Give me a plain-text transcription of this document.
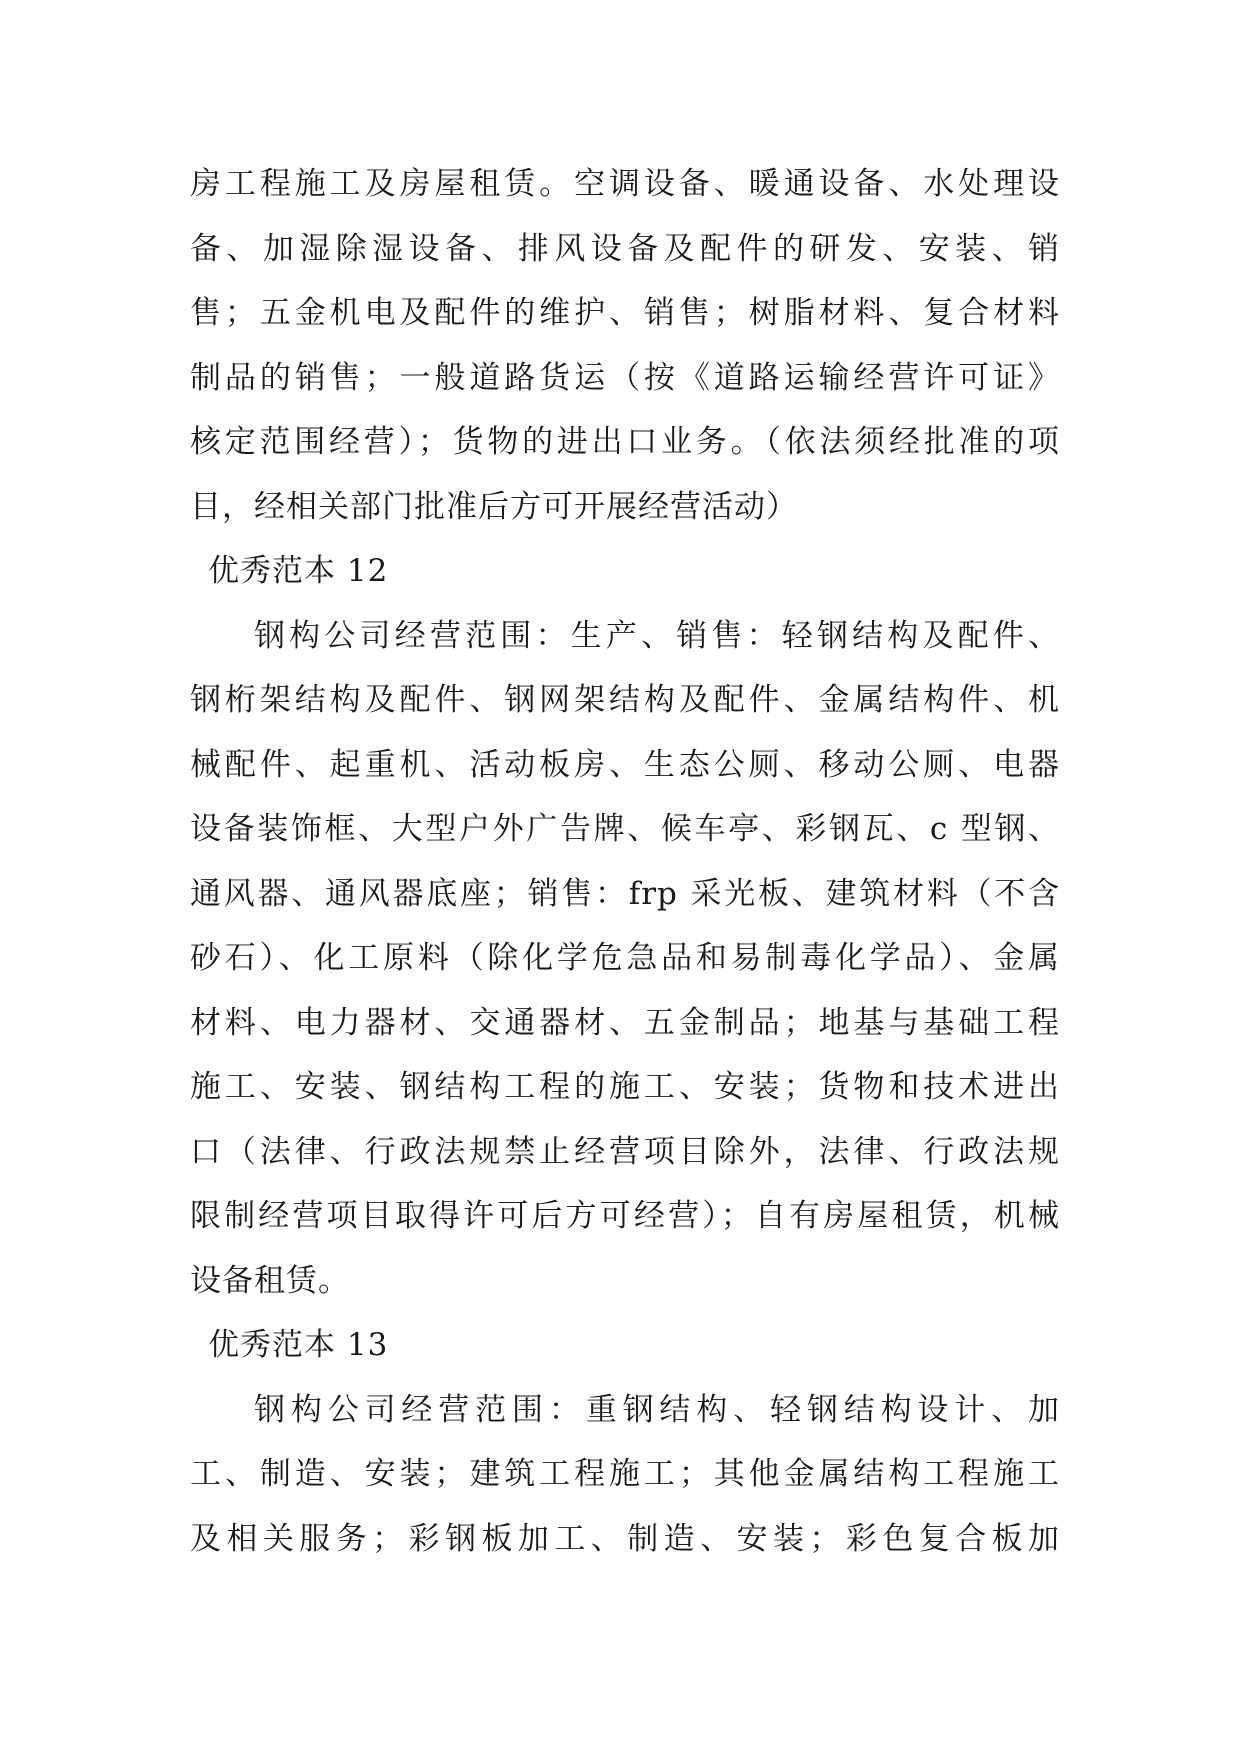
房工程施工及房屋租赁。空调设备、暖通设备、水处理设
备、加湿除湿设备、排风设备及配件的研发、安装、销
售；五金机电及配件的维护、销售；树脂材料、复合材料
制品的销售；一般道路货运（按《道路运输经营许可证》
核定范围经营）；货物的进出口业务。（依法须经批准的项
目，经相关部门批准后方可开展经营活动）
优秀范本 12
钢构公司经营范围：生产、销售：轻钢结构及配件、
钢桁架结构及配件、钢网架结构及配件、金属结构件、机
械配件、起重机、活动板房、生态公厕、移动公厕、电器
设备装饰框、大型户外广告牌、候车亭、彩钢瓦、c 型钢、
通风器、通风器底座；销售：frp 采光板、建筑材料（不含
砂石）、化工原料（除化学危急品和易制毒化学品）、金属
材料、电力器材、交通器材、五金制品；地基与基础工程
施工、安装、钢结构工程的施工、安装；货物和技术进出
口（法律、行政法规禁止经营项目除外，法律、行政法规
限制经营项目取得许可后方可经营）；自有房屋租赁，机械
设备租赁。
优秀范本 13
钢构公司经营范围：重钢结构、轻钢结构设计、加
工、制造、安装；建筑工程施工；其他金属结构工程施工
及相关服务；彩钢板加工、制造、安装；彩色复合板加
